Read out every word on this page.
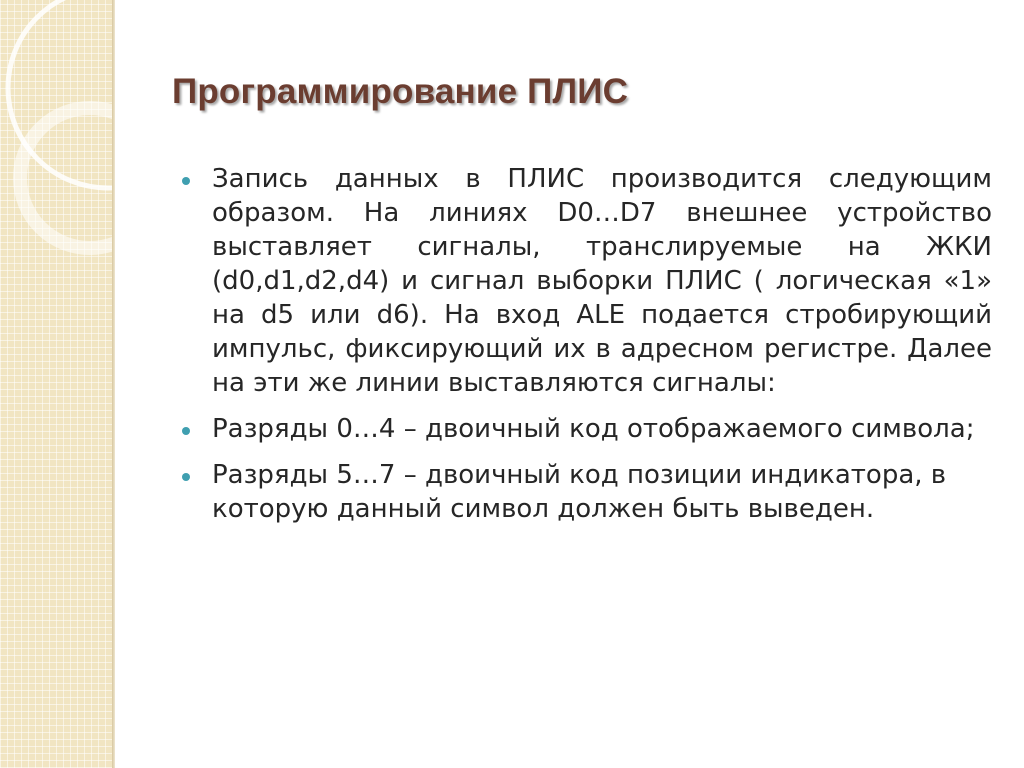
Программирование ПЛИС
Запись данных в ПЛИС производится следующим образом. На линиях D0…D7 внешнее устройство выставляет сигналы, транслируемые на ЖКИ (d0,d1,d2,d4) и сигнал выборки ПЛИС ( логическая «1» на d5 или d6). На вход ALE подается стробирующий импульс, фиксирующий их в адресном регистре. Далее на эти же линии выставляются сигналы:
Разряды 0…4 – двоичный код отображаемого символа;
Разряды 5…7 – двоичный код позиции индикатора, в которую данный символ должен быть выведен.
